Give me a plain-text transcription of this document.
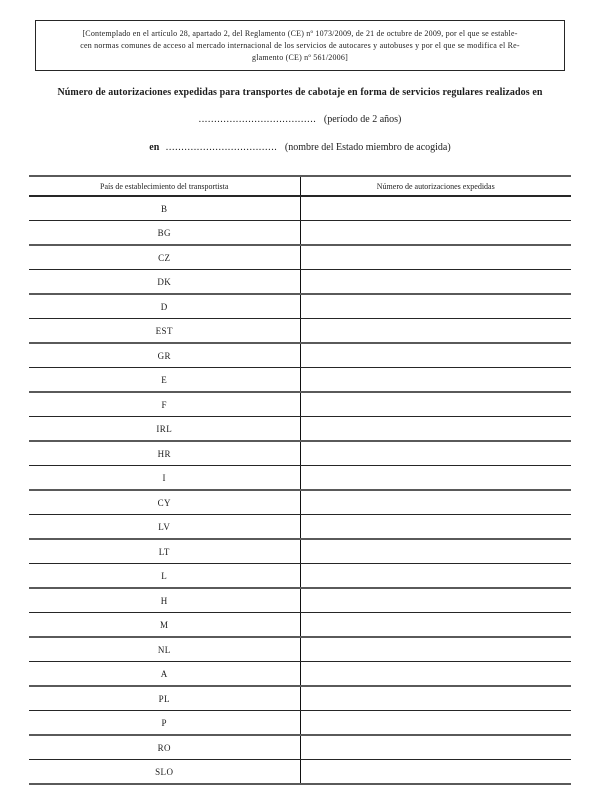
[Contemplado en el artículo 28, apartado 2, del Reglamento (CE) nº 1073/2009, de 21 de octubre de 2009, por el que se estable-
cen normas comunes de acceso al mercado internacional de los servicios de autocares y autobuses y por el que se modifica el Re-
glamento (CE) nº 561/2006]
Número de autorizaciones expedidas para transportes de cabotaje en forma de servicios regulares realizados en
...................................... (período de 2 años)
en .................................... (nombre del Estado miembro de acogida)
País de establecimiento del transportista	Número de autorizaciones expedidas
B	
BG	
CZ	
DK	
D	
EST	
GR	
E	
F	
IRL	
HR	
I	
CY	
LV	
LT	
L	
H	
M	
NL	
A	
PL	
P	
RO	
SLO	
